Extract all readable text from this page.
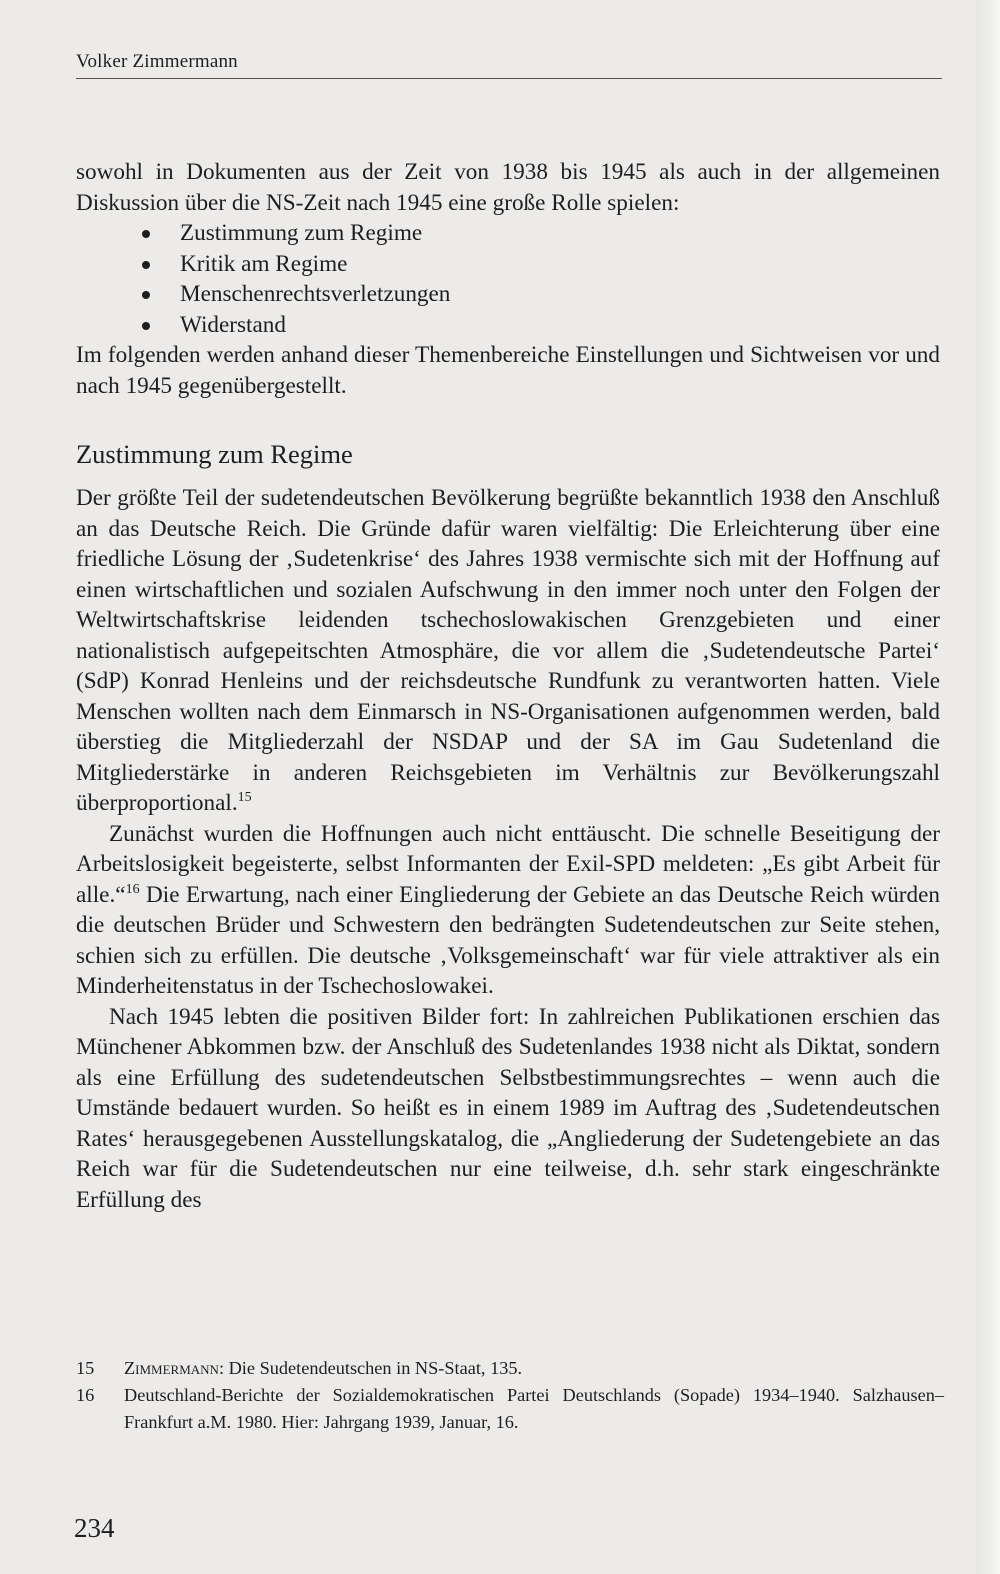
Volker Zimmermann

sowohl in Dokumenten aus der Zeit von 1938 bis 1945 als auch in der allgemeinen Diskussion über die NS-Zeit nach 1945 eine große Rolle spielen:

Zustimmung zum Regime
Kritik am Regime
Menschenrechtsverletzungen
Widerstand

Im folgenden werden anhand dieser Themenbereiche Einstellungen und Sichtweisen vor und nach 1945 gegenübergestellt.

Zustimmung zum Regime

Der größte Teil der sudetendeutschen Bevölkerung begrüßte bekanntlich 1938 den Anschluß an das Deutsche Reich. Die Gründe dafür waren vielfältig: Die Erleichterung über eine friedliche Lösung der ‚Sudetenkrise‘ des Jahres 1938 vermischte sich mit der Hoffnung auf einen wirtschaftlichen und sozialen Aufschwung in den immer noch unter den Folgen der Weltwirtschaftskrise leidenden tschechoslowakischen Grenzgebieten und einer nationalistisch aufgepeitschten Atmosphäre, die vor allem die ‚Sudetendeutsche Partei‘ (SdP) Konrad Henleins und der reichsdeutsche Rundfunk zu verantworten hatten. Viele Menschen wollten nach dem Einmarsch in NS-Organisationen aufgenommen werden, bald überstieg die Mitgliederzahl der NSDAP und der SA im Gau Sudetenland die Mitgliederstärke in anderen Reichsgebieten im Verhältnis zur Bevölkerungszahl überproportional.$^{15}$

Zunächst wurden die Hoffnungen auch nicht enttäuscht. Die schnelle Beseitigung der Arbeitslosigkeit begeisterte, selbst Informanten der Exil-SPD meldeten: „Es gibt Arbeit für alle.“$^{16}$ Die Erwartung, nach einer Eingliederung der Gebiete an das Deutsche Reich würden die deutschen Brüder und Schwestern den bedrängten Sudetendeutschen zur Seite stehen, schien sich zu erfüllen. Die deutsche ‚Volksgemeinschaft‘ war für viele attraktiver als ein Minderheitenstatus in der Tschechoslowakei.

Nach 1945 lebten die positiven Bilder fort: In zahlreichen Publikationen erschien das Münchener Abkommen bzw. der Anschluß des Sudetenlandes 1938 nicht als Diktat, sondern als eine Erfüllung des sudetendeutschen Selbstbestimmungsrechtes – wenn auch die Umstände bedauert wurden. So heißt es in einem 1989 im Auftrag des ‚Sudetendeutschen Rates‘ herausgegebenen Ausstellungskatalog, die „Angliederung der Sudetengebiete an das Reich war für die Sudetendeutschen nur eine teilweise, d.h. sehr stark eingeschränkte Erfüllung des

15	Zimmermann: Die Sudetendeutschen in NS-Staat, 135.
16	Deutschland-Berichte der Sozialdemokratischen Partei Deutschlands (Sopade) 1934–1940. Salzhausen–Frankfurt a.M. 1980. Hier: Jahrgang 1939, Januar, 16.
234
